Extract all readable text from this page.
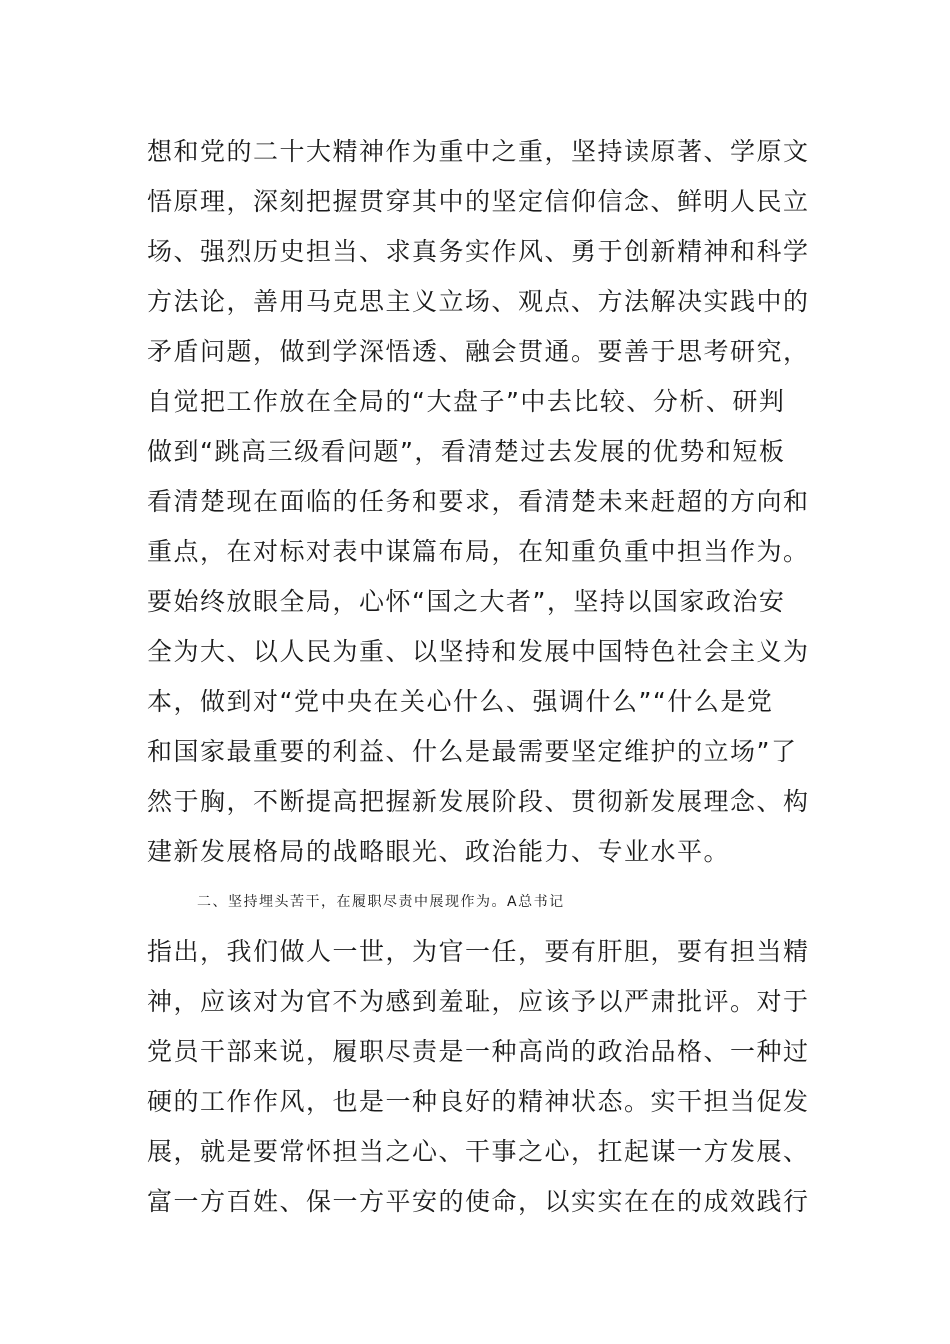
想和党的二十大精神作为重中之重，坚持读原著、学原文
悟原理，深刻把握贯穿其中的坚定信仰信念、鲜明人民立
场、强烈历史担当、求真务实作风、勇于创新精神和科学
方法论，善用马克思主义立场、观点、方法解决实践中的
矛盾问题，做到学深悟透、融会贯通。要善于思考研究，
自觉把工作放在全局的“大盘子”中去比较、分析、研判
做到“跳高三级看问题”，看清楚过去发展的优势和短板
看清楚现在面临的任务和要求，看清楚未来赶超的方向和
重点，在对标对表中谋篇布局，在知重负重中担当作为。
要始终放眼全局，心怀“国之大者”，坚持以国家政治安
全为大、以人民为重、以坚持和发展中国特色社会主义为
本，做到对“党中央在关心什么、强调什么”“什么是党
和国家最重要的利益、什么是最需要坚定维护的立场”了
然于胸，不断提高把握新发展阶段、贯彻新发展理念、构
建新发展格局的战略眼光、政治能力、专业水平。
二、坚持埋头苦干，在履职尽责中展现作为。A总书记
指出，我们做人一世，为官一任，要有肝胆，要有担当精
神，应该对为官不为感到羞耻，应该予以严肃批评。对于
党员干部来说，履职尽责是一种高尚的政治品格、一种过
硬的工作作风，也是一种良好的精神状态。实干担当促发
展，就是要常怀担当之心、干事之心，扛起谋一方发展、
富一方百姓、保一方平安的使命，以实实在在的成效践行
